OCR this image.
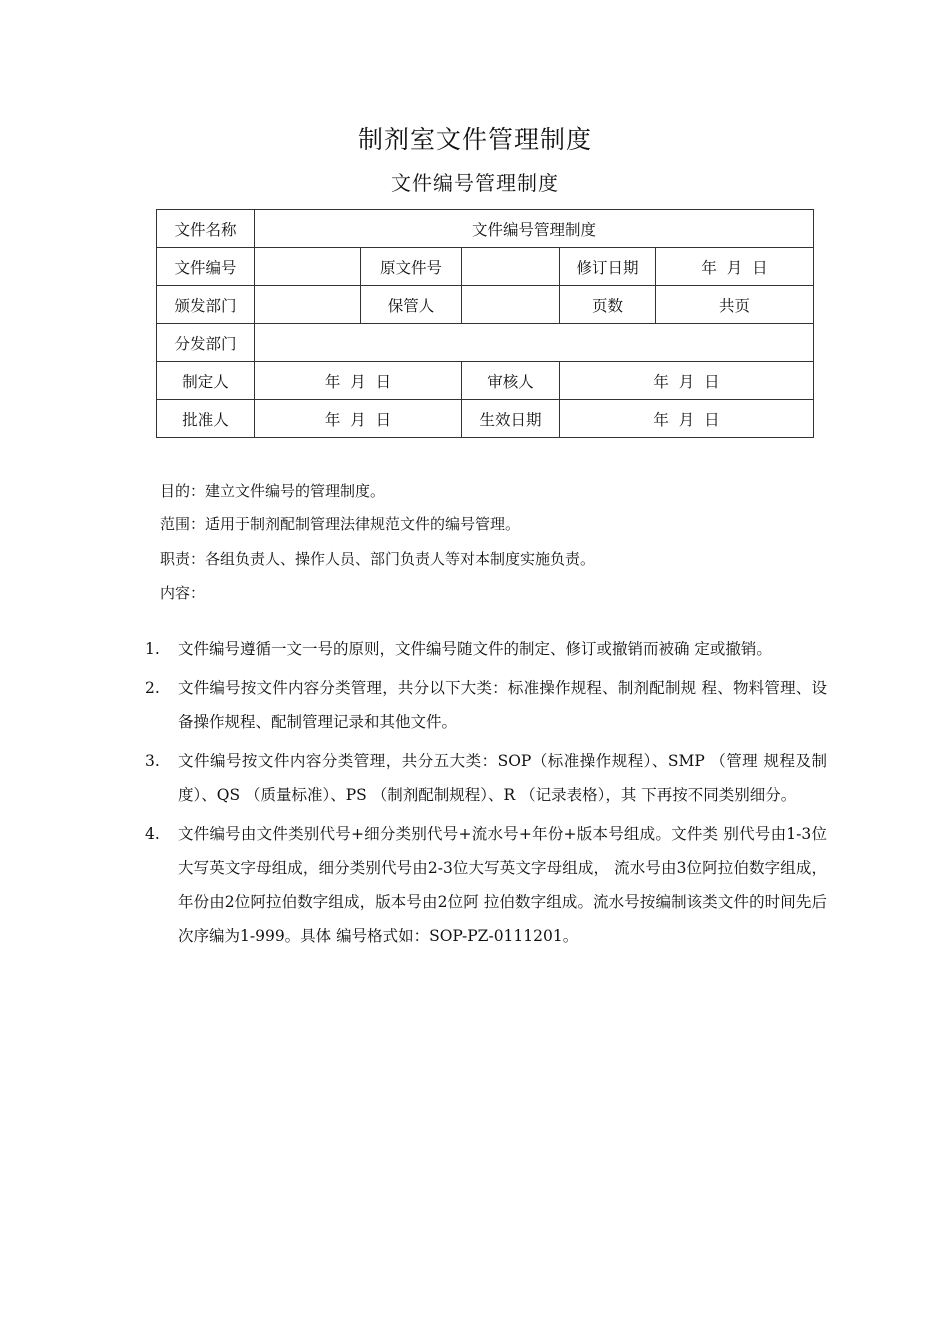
制剂室文件管理制度
文件编号管理制度
文件名称	文件编号管理制度				
文件编号		原文件号		修订日期	年  月  日
颁发部门		保管人		页数	共页
分发部门					
制定人	年  月  日		审核人	年  月  日	
批准人	年  月  日		生效日期	年  月  日	
目的：建立文件编号的管理制度。
范围：适用于制剂配制管理法律规范文件的编号管理。
职责：各组负责人、操作人员、部门负责人等对本制度实施负责。
内容：
1. 文件编号遵循一文一号的原则，文件编号随文件的制定、修订或撤销而被确 定或撤销。
2. 文件编号按文件内容分类管理，共分以下大类：标准操作规程、制剂配制规 程、物料管理、设备操作规程、配制管理记录和其他文件。
3. 文件编号按文件内容分类管理，共分五大类：SOP（标准操作规程）、SMP （管理 规程及制度）、QS （质量标准）、PS （制剂配制规程）、R （记录表格），其 下再按不同类别细分。
4. 文件编号由文件类别代号+细分类别代号+流水号+年份+版本号组成。文件类 别代号由1-3位大写英文字母组成，细分类别代号由2-3位大写英文字母组成， 流水号由3位阿拉伯数字组成，年份由2位阿拉伯数字组成，版本号由2位阿 拉伯数字组成。流水号按编制该类文件的时间先后次序编为1-999。具体 编号格式如：SOP-PZ-0111201。
